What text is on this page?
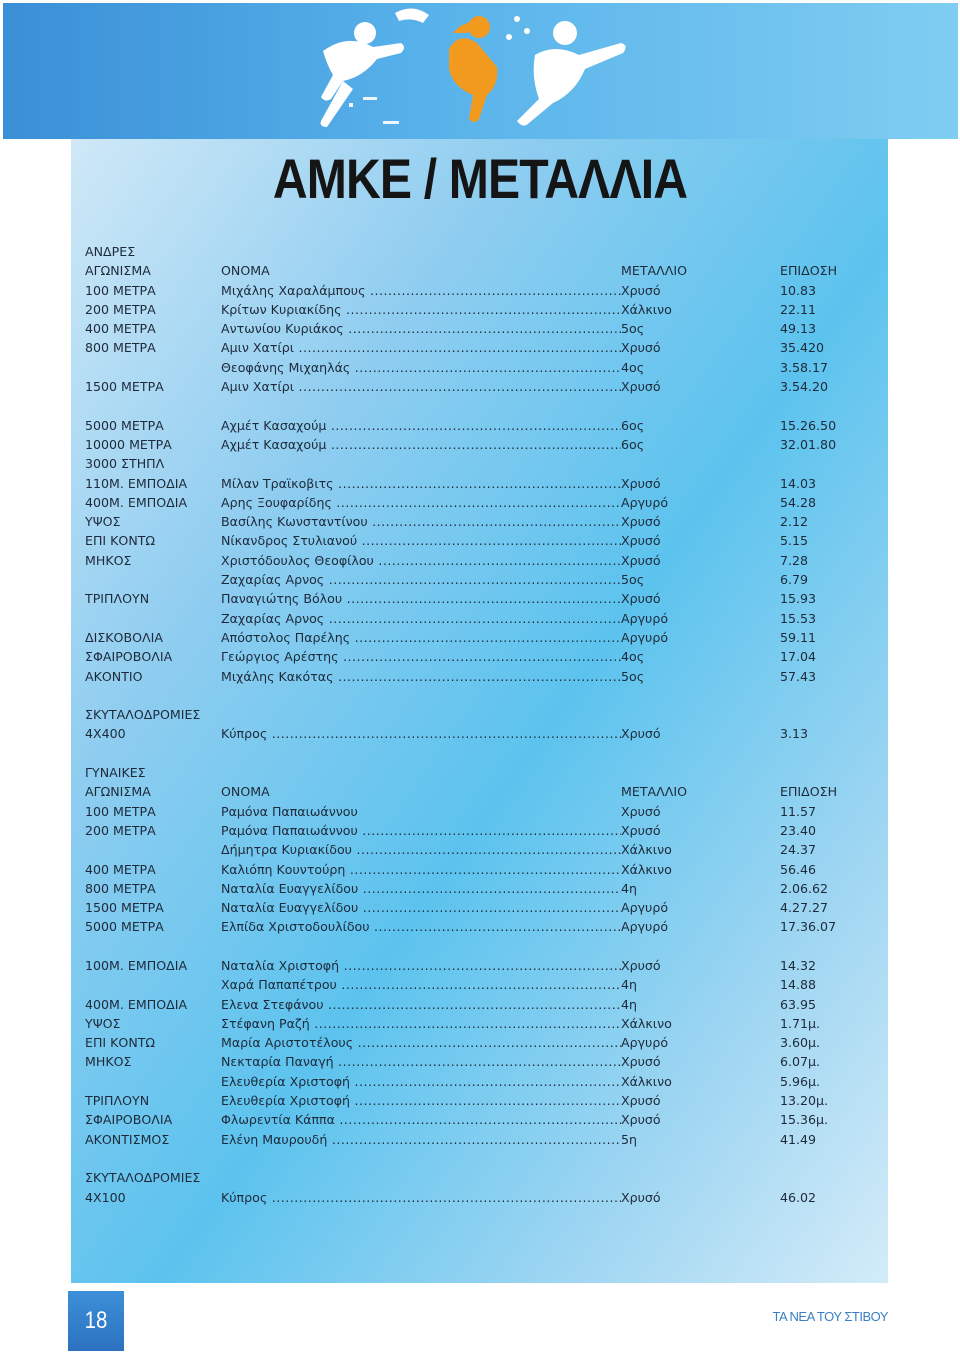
ΑΜΚΕ / ΜΕΤΑΛΛΙΑ
ΑΝΔΡΕΣ
ΑΓΩΝΙΣΜΑ	ΟΝΟΜΑ	ΜΕΤΑΛΛΙΟ	ΕΠΙΔΟΣΗ
100 ΜΕΤΡΑ	Μιχάλης Χαραλάμπους .....	Χρυσό	10.83
200 ΜΕΤΡΑ	Κρίτων Κυριακίδης .....	Χάλκινο	22.11
400 ΜΕΤΡΑ	Αντωνίου Κυριάκος .....	5ος	49.13
800 ΜΕΤΡΑ	Αμιν Χατίρι .....	Χρυσό	35.420
Θεοφάνης Μιχαηλάς .....	4ος	3.58.17
1500 ΜΕΤΡΑ	Αμιν Χατίρι .....	Χρυσό	3.54.20
5000 ΜΕΤΡΑ	Αχμέτ Κασαχούμ .....	6ος	15.26.50
10000 ΜΕΤΡΑ	Αχμέτ Κασαχούμ .....	6ος	32.01.80
3000 ΣΤΗΠΛ
110Μ. ΕΜΠΟΔΙΑ	Μίλαν Τραϊκοβιτς .....	Χρυσό	14.03
400Μ. ΕΜΠΟΔΙΑ	Αρης Ξουφαρίδης .....	Αργυρό	54.28
ΥΨΟΣ	Βασίλης Κωνσταντίνου .....	Χρυσό	2.12
ΕΠΙ ΚΟΝΤΩ	Νίκανδρος Στυλιανού .....	Χρυσό	5.15
ΜΗΚΟΣ	Χριστόδουλος Θεοφίλου .....	Χρυσό	7.28
Ζαχαρίας Αρνος .....	5ος	6.79
ΤΡΙΠΛΟΥΝ	Παναγιώτης Βόλου .....	Χρυσό	15.93
Ζαχαρίας Αρνος .....	Αργυρό	15.53
ΔΙΣΚΟΒΟΛΙΑ	Απόστολος Παρέλης .....	Αργυρό	59.11
ΣΦΑΙΡΟΒΟΛΙΑ	Γεώργιος Αρέστης .....	4ος	17.04
ΑΚΟΝΤΙΟ	Μιχάλης Κακότας .....	5ος	57.43
ΣΚΥΤΑΛΟΔΡΟΜΙΕΣ
4Χ400	Κύπρος .....	Χρυσό	3.13
ΓΥΝΑΙΚΕΣ
ΑΓΩΝΙΣΜΑ	ΟΝΟΜΑ	ΜΕΤΑΛΛΙΟ	ΕΠΙΔΟΣΗ
100 ΜΕΤΡΑ	Ραμόνα Παπαιωάννου	Χρυσό	11.57
200 ΜΕΤΡΑ	Ραμόνα Παπαιωάννου .....	Χρυσό	23.40
Δήμητρα Κυριακίδου .....	Χάλκινο	24.37
400 ΜΕΤΡΑ	Καλιόπη Κουντούρη .....	Χάλκινο	56.46
800 ΜΕΤΡΑ	Ναταλία Ευαγγελίδου .....	4η	2.06.62
1500 ΜΕΤΡΑ	Ναταλία Ευαγγελίδου .....	Αργυρό	4.27.27
5000 ΜΕΤΡΑ	Ελπίδα Χριστοδουλίδου .....	Αργυρό	17.36.07
100Μ. ΕΜΠΟΔΙΑ	Ναταλία Χριστοφή .....	Χρυσό	14.32
Χαρά Παπαπέτρου .....	4η	14.88
400Μ. ΕΜΠΟΔΙΑ	Ελενα Στεφάνου .....	4η	63.95
ΥΨΟΣ	Στέφανη Ραζή .....	Χάλκινο	1.71μ.
ΕΠΙ ΚΟΝΤΩ	Μαρία Αριστοτέλους .....	Αργυρό	3.60μ.
ΜΗΚΟΣ	Νεκταρία Παναγή .....	Χρυσό	6.07μ.
Ελευθερία Χριστοφή .....	Χάλκινο	5.96μ.
ΤΡΙΠΛΟΥΝ	Ελευθερία Χριστοφή .....	Χρυσό	13.20μ.
ΣΦΑΙΡΟΒΟΛΙΑ	Φλωρεντία Κάππα .....	Χρυσό	15.36μ.
ΑΚΟΝΤΙΣΜΟΣ	Ελένη Μαυρουδή .....	5η	41.49
ΣΚΥΤΑΛΟΔΡΟΜΙΕΣ
4Χ100	Κύπρος .....	Χρυσό	46.02
18	ΤΑ ΝΕΑ ΤΟΥ ΣΤΙΒΟΥ
